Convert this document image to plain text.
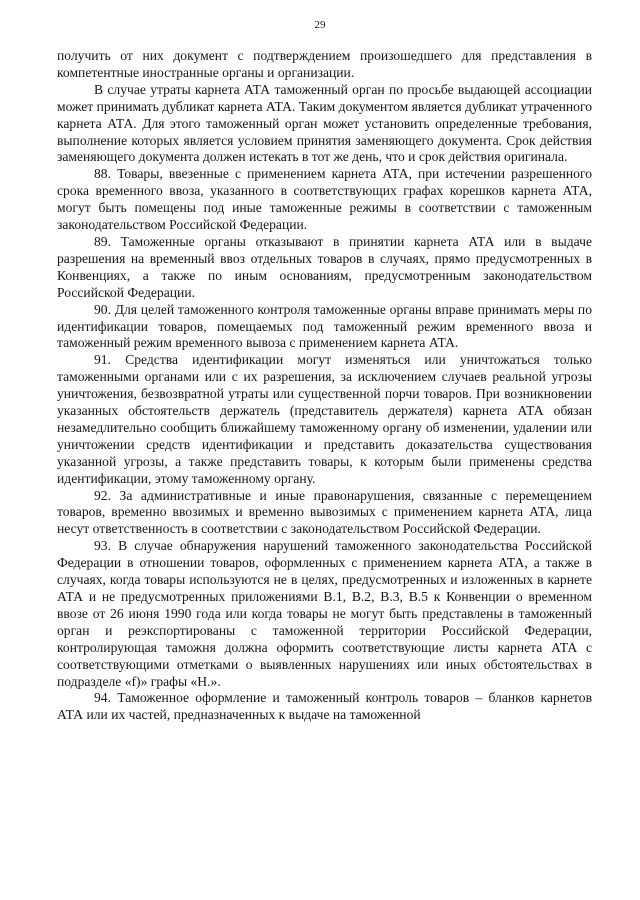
29

получить от них документ с подтверждением произошедшего для представления в компетентные иностранные органы и организации.

В случае утраты карнета АТА таможенный орган по просьбе выдающей ассоциации может принимать дубликат карнета АТА. Таким документом является дубликат утраченного карнета АТА. Для этого таможенный орган может установить определенные требования, выполнение которых является условием принятия заменяющего документа. Срок действия заменяющего документа должен истекать в тот же день, что и срок действия оригинала.

88. Товары, ввезенные с применением карнета АТА, при истечении разрешенного срока временного ввоза, указанного в соответствующих графах корешков карнета АТА, могут быть помещены под иные таможенные режимы в соответствии с таможенным законодательством Российской Федерации.

89. Таможенные органы отказывают в принятии карнета АТА или в выдаче разрешения на временный ввоз отдельных товаров в случаях, прямо предусмотренных в Конвенциях, а также по иным основаниям, предусмотренным законодательством Российской Федерации.

90. Для целей таможенного контроля таможенные органы вправе принимать меры по идентификации товаров, помещаемых под таможенный режим временного ввоза и таможенный режим временного вывоза с применением карнета АТА.

91. Средства идентификации могут изменяться или уничтожаться только таможенными органами или с их разрешения, за исключением случаев реальной угрозы уничтожения, безвозвратной утраты или существенной порчи товаров. При возникновении указанных обстоятельств держатель (представитель держателя) карнета АТА обязан незамедлительно сообщить ближайшему таможенному органу об изменении, удалении или уничтожении средств идентификации и представить доказательства существования указанной угрозы, а также представить товары, к которым были применены средства идентификации, этому таможенному органу.

92. За административные и иные правонарушения, связанные с перемещением товаров, временно ввозимых и временно вывозимых с применением карнета АТА, лица несут ответственность в соответствии с законодательством Российской Федерации.

93. В случае обнаружения нарушений таможенного законодательства Российской Федерации в отношении товаров, оформленных с применением карнета АТА, а также в случаях, когда товары используются не в целях, предусмотренных и изложенных в карнете АТА и не предусмотренных приложениями B.1, B.2, B.3, B.5 к Конвенции о временном ввозе от 26 июня 1990 года или когда товары не могут быть представлены в таможенный орган и реэкспортированы с таможенной территории Российской Федерации, контролирующая таможня должна оформить соответствующие листы карнета АТА с соответствующими отметками о выявленных нарушениях или иных обстоятельствах в подразделе «f)» графы «H.».

94. Таможенное оформление и таможенный контроль товаров – бланков карнетов АТА или их частей, предназначенных к выдаче на таможенной
